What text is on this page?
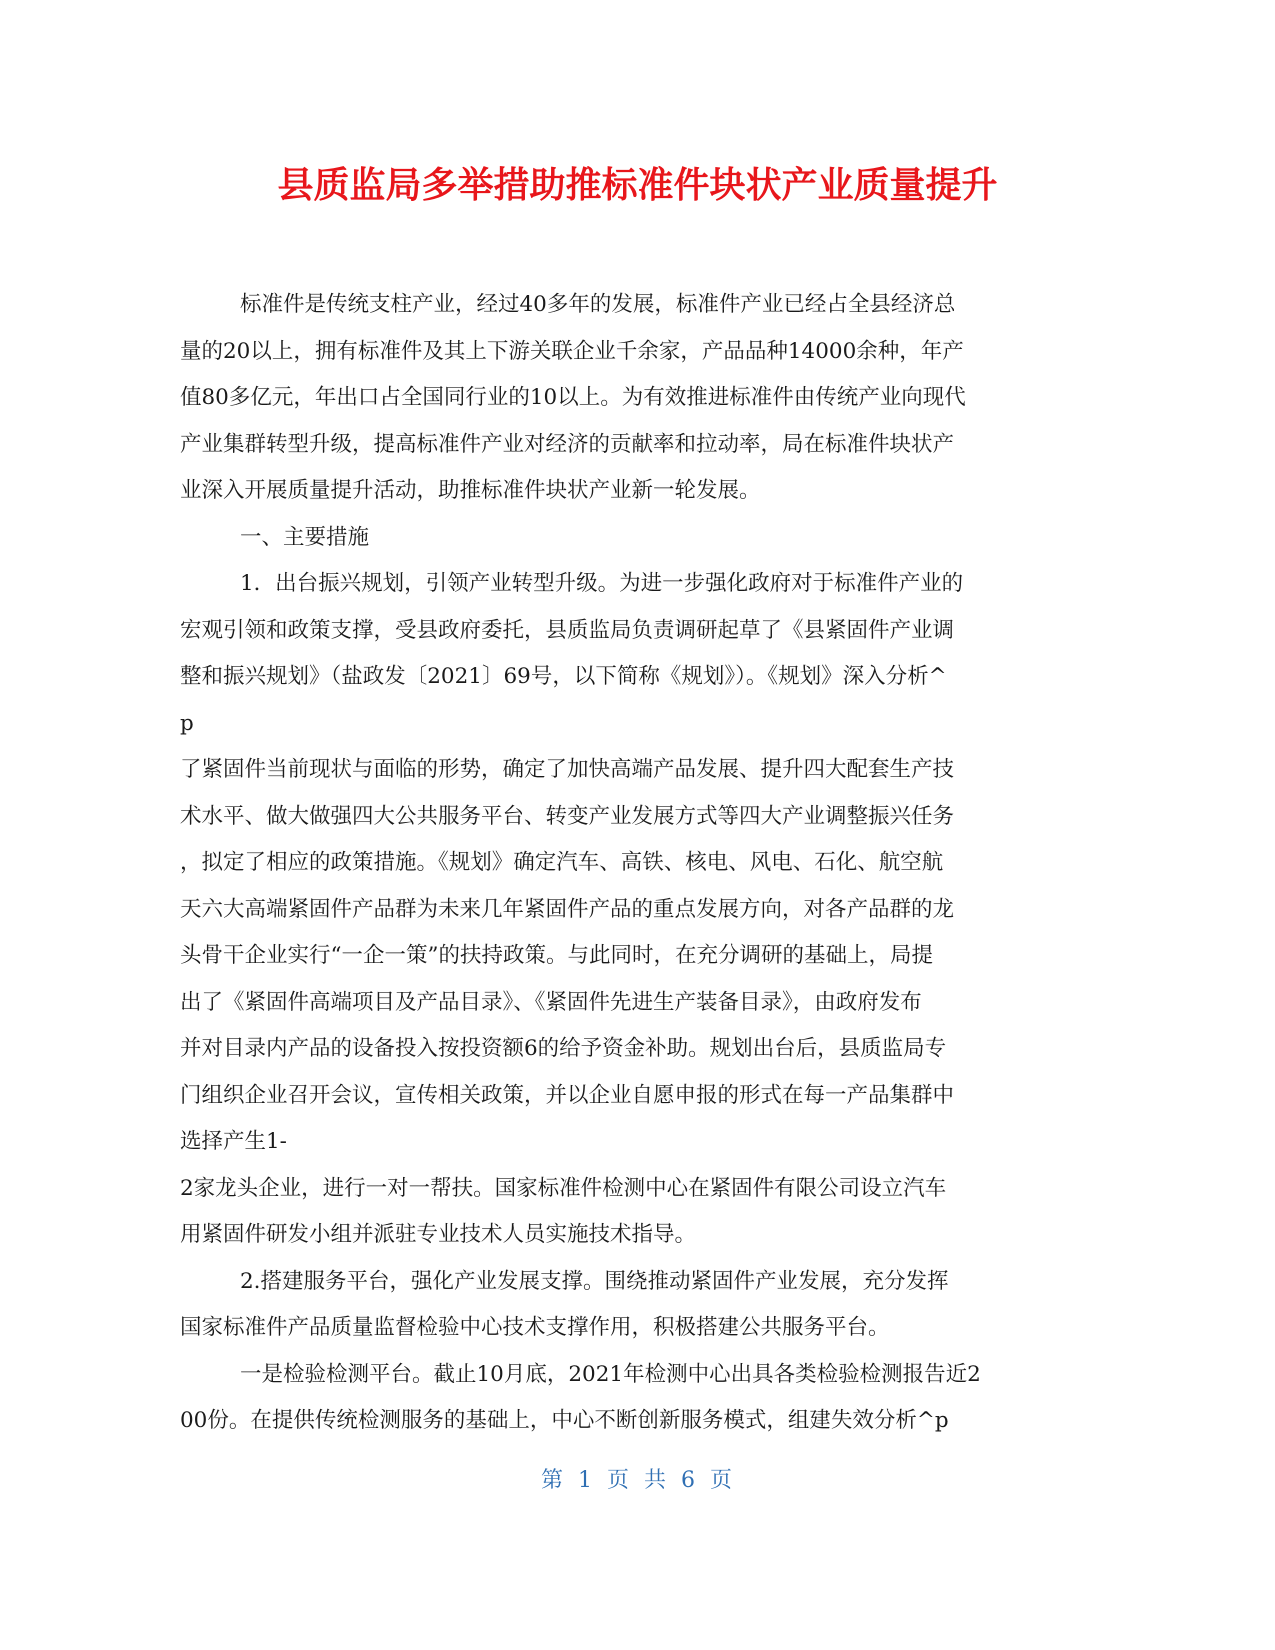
县质监局多举措助推标准件块状产业质量提升
标准件是传统支柱产业，经过40多年的发展，标准件产业已经占全县经济总
量的20以上，拥有标准件及其上下游关联企业千余家，产品品种14000余种，年产
值80多亿元，年出口占全国同行业的10以上。为有效推进标准件由传统产业向现代
产业集群转型升级，提高标准件产业对经济的贡献率和拉动率，局在标准件块状产
业深入开展质量提升活动，助推标准件块状产业新一轮发展。
一、主要措施
1．出台振兴规划，引领产业转型升级。为进一步强化政府对于标准件产业的
宏观引领和政策支撑，受县政府委托，县质监局负责调研起草了《县紧固件产业调
整和振兴规划》（盐政发〔2021〕69号，以下简称《规划》）。《规划》深入分析^
p
了紧固件当前现状与面临的形势，确定了加快高端产品发展、提升四大配套生产技
术水平、做大做强四大公共服务平台、转变产业发展方式等四大产业调整振兴任务
，拟定了相应的政策措施。《规划》确定汽车、高铁、核电、风电、石化、航空航
天六大高端紧固件产品群为未来几年紧固件产品的重点发展方向，对各产品群的龙
头骨干企业实行“一企一策”的扶持政策。与此同时，在充分调研的基础上，局提
出了《紧固件高端项目及产品目录》、《紧固件先进生产装备目录》，由政府发布
并对目录内产品的设备投入按投资额6的给予资金补助。规划出台后，县质监局专
门组织企业召开会议，宣传相关政策，并以企业自愿申报的形式在每一产品集群中
选择产生1-
2家龙头企业，进行一对一帮扶。国家标准件检测中心在紧固件有限公司设立汽车
用紧固件研发小组并派驻专业技术人员实施技术指导。
2.搭建服务平台，强化产业发展支撑。围绕推动紧固件产业发展，充分发挥
国家标准件产品质量监督检验中心技术支撑作用，积极搭建公共服务平台。
一是检验检测平台。截止10月底，2021年检测中心出具各类检验检测报告近2
00份。在提供传统检测服务的基础上，中心不断创新服务模式，组建失效分析^p
第 1 页 共 6 页
